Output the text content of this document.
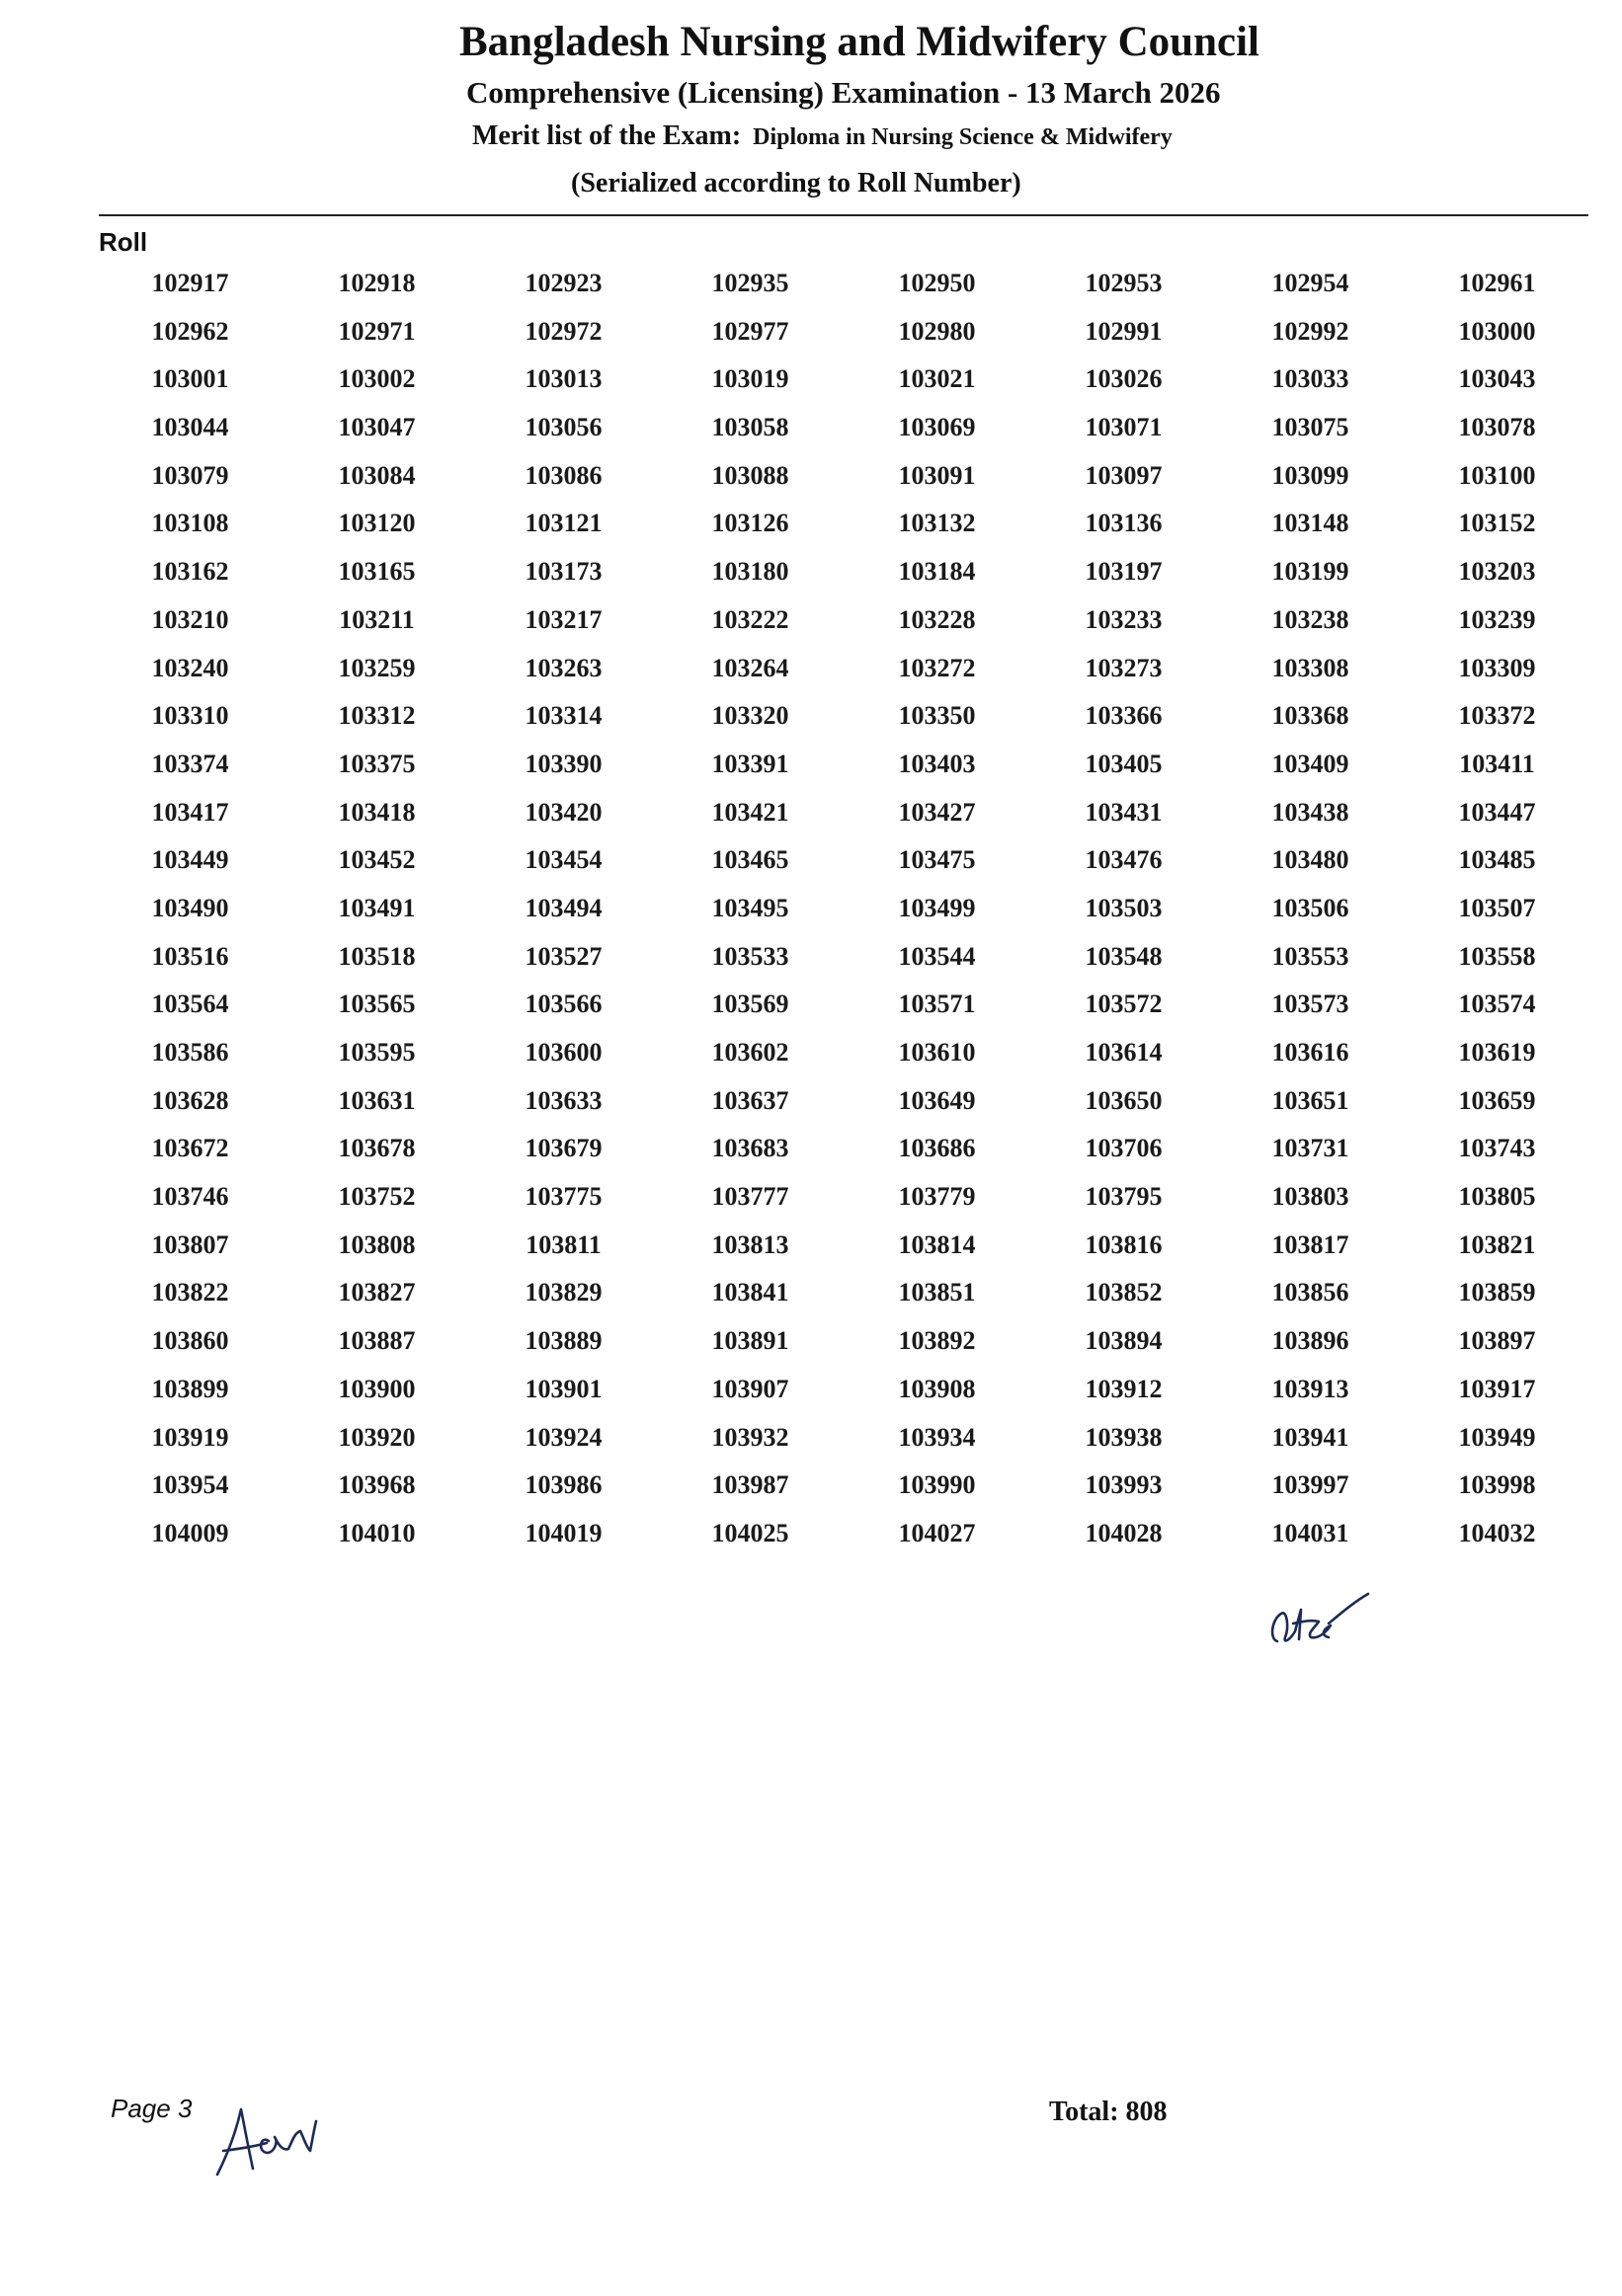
Bangladesh Nursing and Midwifery Council
Comprehensive (Licensing) Examination - 13 March 2026
Merit list of the Exam: Diploma in Nursing Science & Midwifery
(Serialized according to Roll Number)
Roll
102917	102918	102923	102935	102950	102953	102954	102961
102962	102971	102972	102977	102980	102991	102992	103000
103001	103002	103013	103019	103021	103026	103033	103043
103044	103047	103056	103058	103069	103071	103075	103078
103079	103084	103086	103088	103091	103097	103099	103100
103108	103120	103121	103126	103132	103136	103148	103152
103162	103165	103173	103180	103184	103197	103199	103203
103210	103211	103217	103222	103228	103233	103238	103239
103240	103259	103263	103264	103272	103273	103308	103309
103310	103312	103314	103320	103350	103366	103368	103372
103374	103375	103390	103391	103403	103405	103409	103411
103417	103418	103420	103421	103427	103431	103438	103447
103449	103452	103454	103465	103475	103476	103480	103485
103490	103491	103494	103495	103499	103503	103506	103507
103516	103518	103527	103533	103544	103548	103553	103558
103564	103565	103566	103569	103571	103572	103573	103574
103586	103595	103600	103602	103610	103614	103616	103619
103628	103631	103633	103637	103649	103650	103651	103659
103672	103678	103679	103683	103686	103706	103731	103743
103746	103752	103775	103777	103779	103795	103803	103805
103807	103808	103811	103813	103814	103816	103817	103821
103822	103827	103829	103841	103851	103852	103856	103859
103860	103887	103889	103891	103892	103894	103896	103897
103899	103900	103901	103907	103908	103912	103913	103917
103919	103920	103924	103932	103934	103938	103941	103949
103954	103968	103986	103987	103990	103993	103997	103998
104009	104010	104019	104025	104027	104028	104031	104032
Page 3	Total: 808
